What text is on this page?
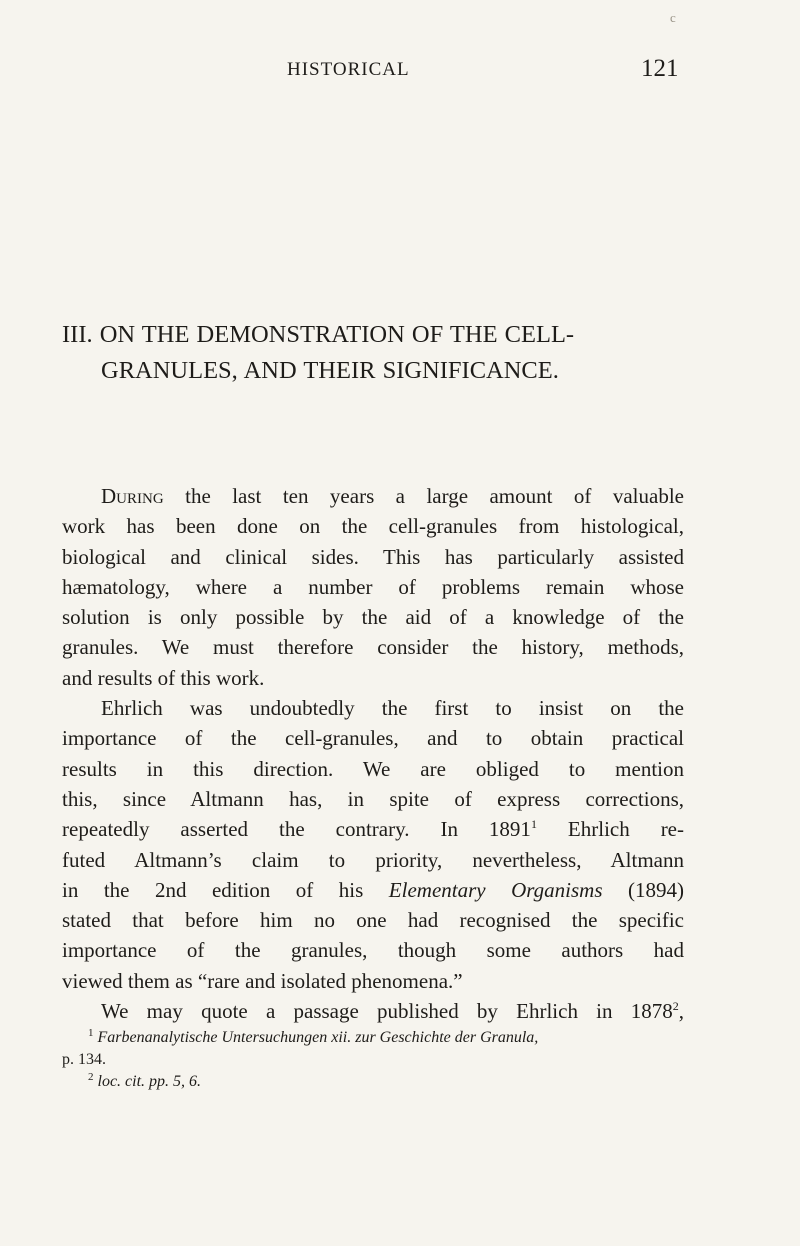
c
HISTORICAL	121
III. ON THE DEMONSTRATION OF THE CELL-
GRANULES, AND THEIR SIGNIFICANCE.
During the last ten years a large amount of valuable
work has been done on the cell-granules from histological,
biological and clinical sides. This has particularly assisted
hæmatology, where a number of problems remain whose
solution is only possible by the aid of a knowledge of the
granules. We must therefore consider the history, methods,
and results of this work.
Ehrlich was undoubtedly the first to insist on the
importance of the cell-granules, and to obtain practical
results in this direction. We are obliged to mention
this, since Altmann has, in spite of express corrections,
repeatedly asserted the contrary. In 1891$^1$ Ehrlich re-
futed Altmann’s claim to priority, nevertheless, Altmann
in the 2nd edition of his Elementary Organisms (1894)
stated that before him no one had recognised the specific
importance of the granules, though some authors had
viewed them as “rare and isolated phenomena.”
We may quote a passage published by Ehrlich in 1878$^2$,
$^1$ Farbenanalytische Untersuchungen xii. zur Geschichte der Granula,
p. 134.
$^2$ loc. cit. pp. 5, 6.
